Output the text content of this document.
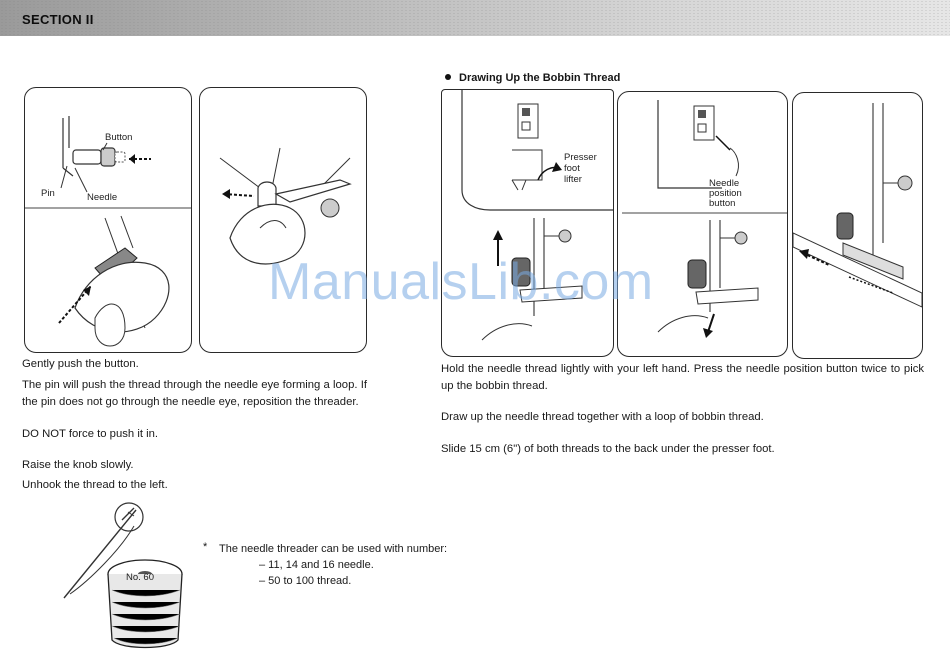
SECTION II
Button
Pin	Needle
Gently push the button.
The pin will push the thread through the needle eye forming a loop. If the pin does not go through the needle eye, reposition the threader.
DO NOT force to push it in.
Raise the knob slowly.
Unhook the thread to the left.
No. 60
* The needle threader can be used with number:
– 11, 14 and 16 needle.
– 50 to 100 thread.
Drawing Up the Bobbin Thread
Presser
foot
lifter	Needle
position
button
Hold the needle thread lightly with your left hand. Press the needle position button twice to pick up the bobbin thread.
Draw up the needle thread together with a loop of bobbin thread.
Slide 15 cm (6") of both threads to the back under the presser foot.
ManualsLib.com
